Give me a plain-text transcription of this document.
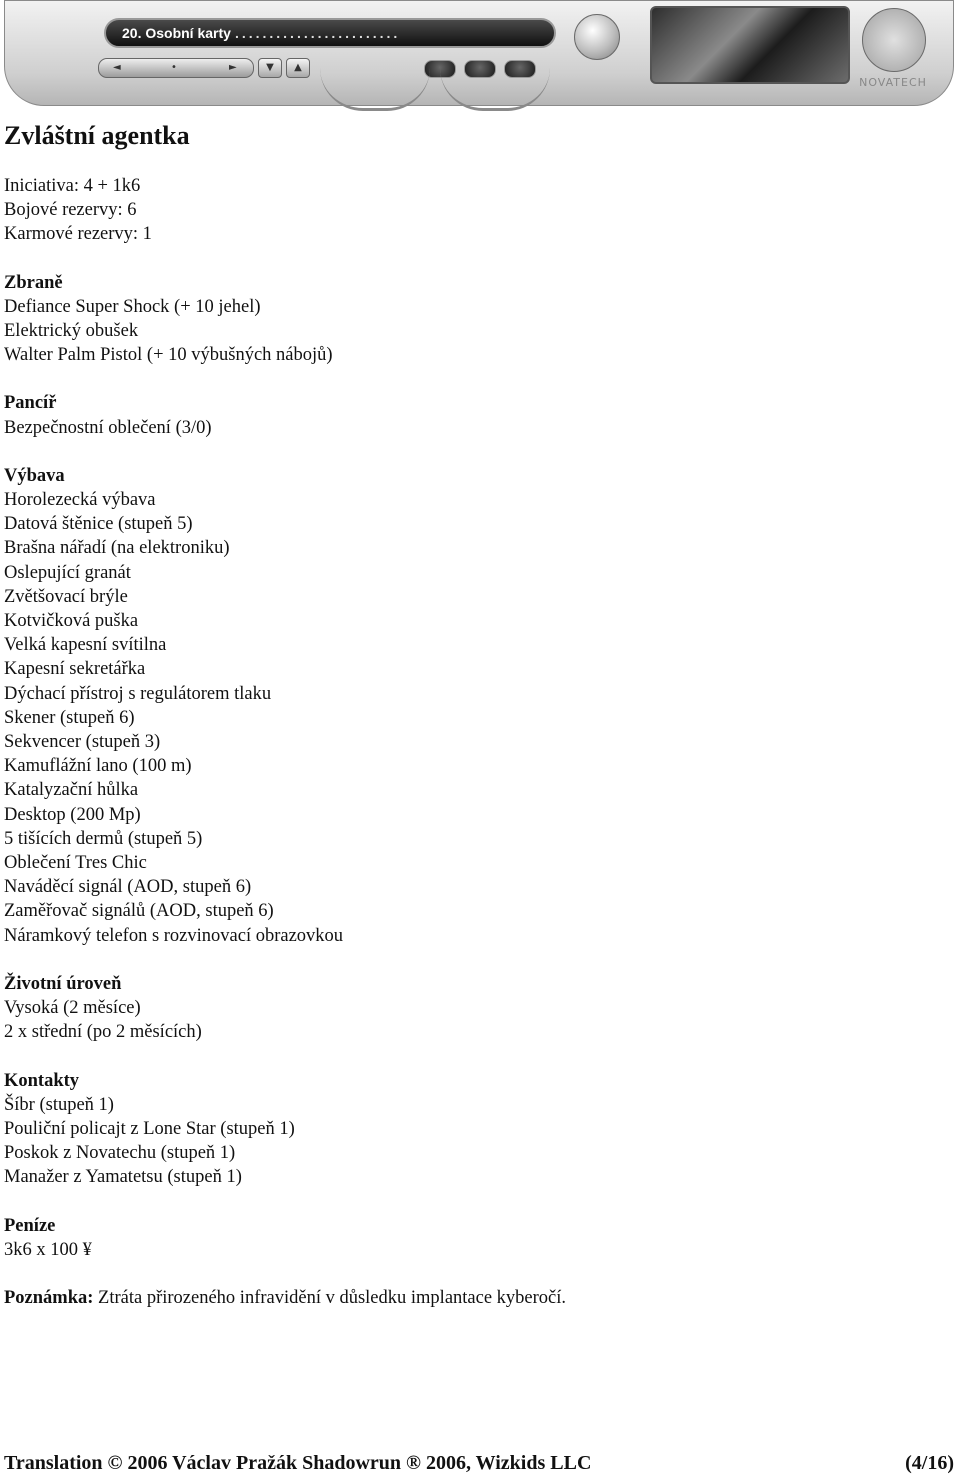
20. Osobní karty ........................
◄	•	►	▼	▲
NOVATECH
Zvláštní agentka
Iniciativa: 4 + 1k6
Bojové rezervy: 6
Karmové rezervy: 1
Zbraně
Defiance Super Shock (+ 10 jehel)
Elektrický obušek
Walter Palm Pistol (+ 10 výbušných nábojů)
Pancíř
Bezpečnostní oblečení (3/0)
Výbava
Horolezecká výbava
Datová štěnice (stupeň 5)
Brašna nářadí (na elektroniku)
Oslepující granát
Zvětšovací brýle
Kotvičková puška
Velká kapesní svítilna
Kapesní sekretářka
Dýchací přístroj s regulátorem tlaku
Skener (stupeň 6)
Sekvencer (stupeň 3)
Kamuflážní lano (100 m)
Katalyzační hůlka
Desktop (200 Mp)
5 tišících dermů (stupeň 5)
Oblečení Tres Chic
Naváděcí signál (AOD, stupeň 6)
Zaměřovač signálů (AOD, stupeň 6)
Náramkový telefon s rozvinovací obrazovkou
Životní úroveň
Vysoká (2 měsíce)
2 x střední (po 2 měsících)
Kontakty
Šíbr (stupeň 1)
Pouliční policajt z Lone Star (stupeň 1)
Poskok z Novatechu (stupeň 1)
Manažer z Yamatetsu (stupeň 1)
Peníze
3k6 x 100 ¥
Poznámka: Ztráta přirozeného infravidění v důsledku implantace kyberočí.
Translation © 2006 Václav Pražák Shadowrun ® 2006, Wizkids LLC	(4/16)
